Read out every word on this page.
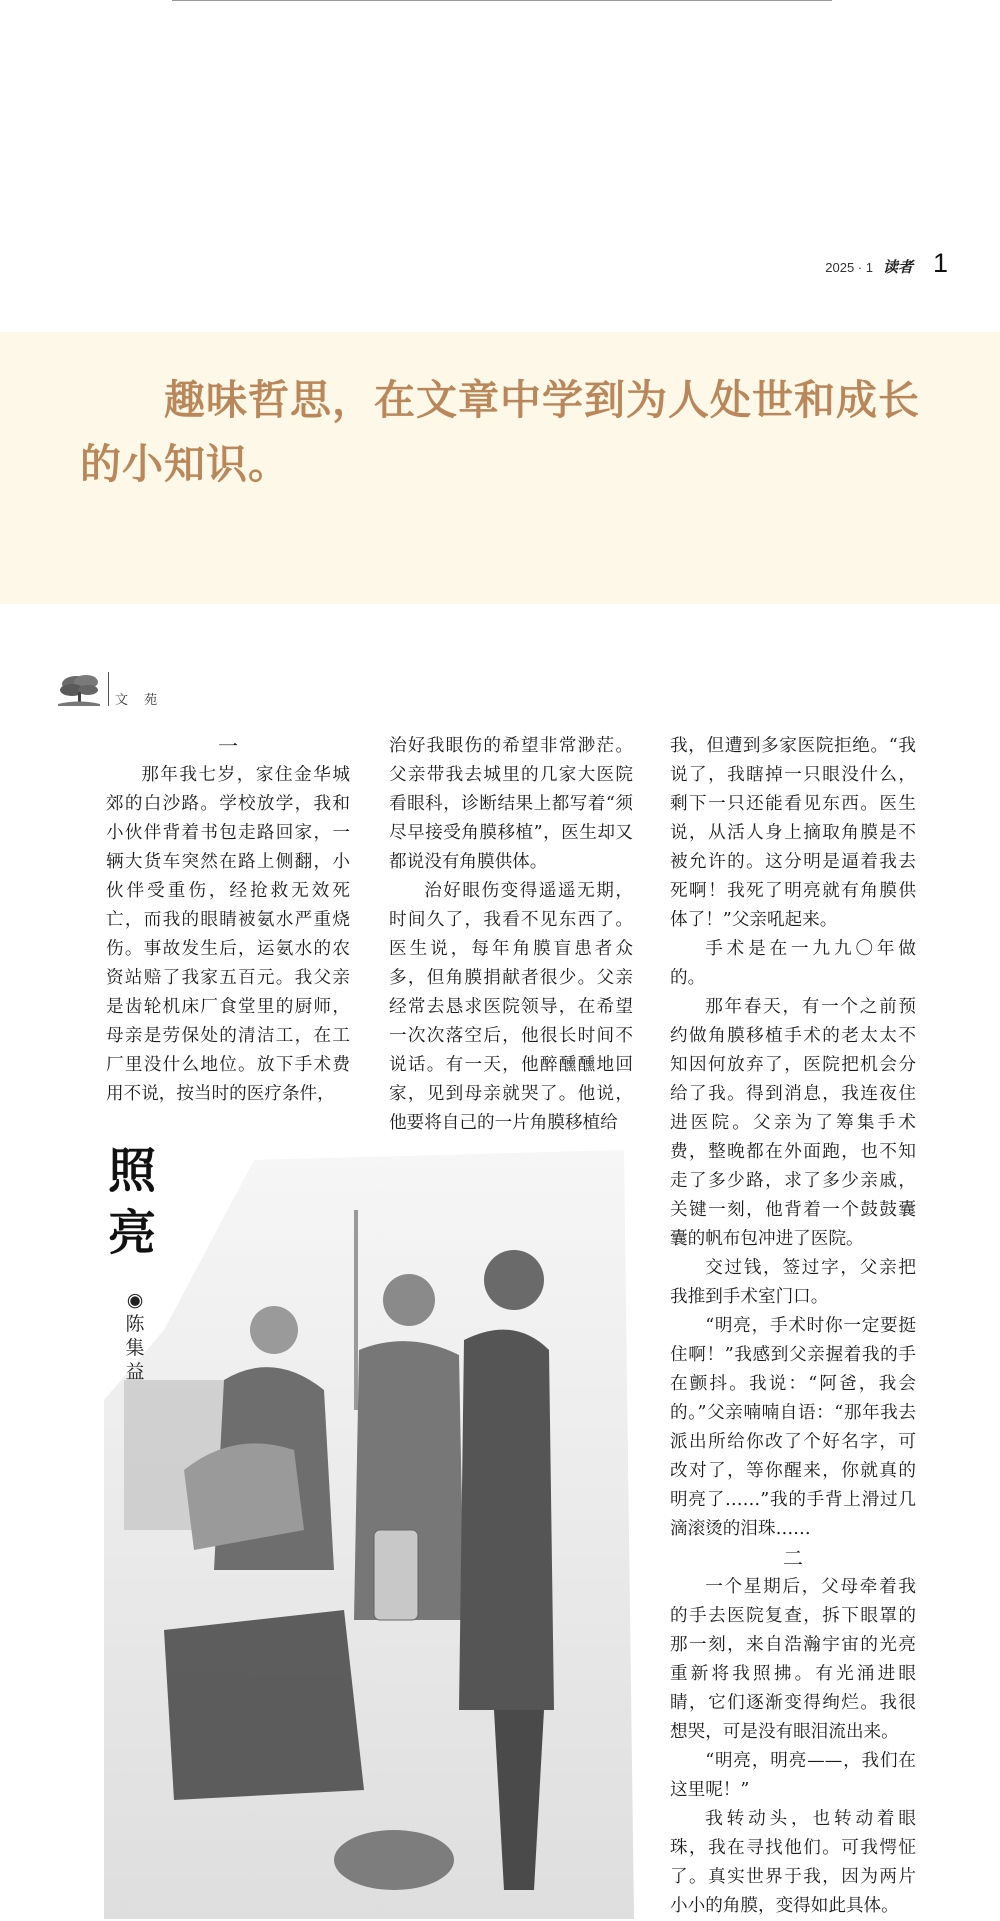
2025 · 1 读者 1

趣味哲思，在文章中学到为人处世和成长的小知识。

文 苑

一

那年我七岁，家住金华城郊的白沙路。学校放学，我和小伙伴背着书包走路回家，一辆大货车突然在路上侧翻，小伙伴受重伤，经抢救无效死亡，而我的眼睛被氨水严重烧伤。事故发生后，运氨水的农资站赔了我家五百元。我父亲是齿轮机床厂食堂里的厨师，母亲是劳保处的清洁工，在工厂里没什么地位。放下手术费用不说，按当时的医疗条件，

治好我眼伤的希望非常渺茫。父亲带我去城里的几家大医院看眼科，诊断结果上都写着“须尽早接受角膜移植”，医生却又都说没有角膜供体。

治好眼伤变得遥遥无期，时间久了，我看不见东西了。医生说，每年角膜盲患者众多，但角膜捐献者很少。父亲经常去恳求医院领导，在希望一次次落空后，他很长时间不说话。有一天，他醉醺醺地回家，见到母亲就哭了。他说，他要将自己的一片角膜移植给

我，但遭到多家医院拒绝。“我说了，我瞎掉一只眼没什么，剩下一只还能看见东西。医生说，从活人身上摘取角膜是不被允许的。这分明是逼着我去死啊！我死了明亮就有角膜供体了！”父亲吼起来。

手术是在一九九〇年做的。

那年春天，有一个之前预约做角膜移植手术的老太太不知因何放弃了，医院把机会分给了我。得到消息，我连夜住进医院。父亲为了筹集手术费，整晚都在外面跑，也不知走了多少路，求了多少亲戚，关键一刻，他背着一个鼓鼓囊囊的帆布包冲进了医院。

交过钱，签过字，父亲把我推到手术室门口。

“明亮，手术时你一定要挺住啊！”我感到父亲握着我的手在颤抖。我说：“阿爸，我会的。”父亲喃喃自语：“那年我去派出所给你改了个好名字，可改对了，等你醒来，你就真的明亮了……”我的手背上滑过几滴滚烫的泪珠……

二

一个星期后，父母牵着我的手去医院复查，拆下眼罩的那一刻，来自浩瀚宇宙的光亮重新将我照拂。有光涌进眼睛，它们逐渐变得绚烂。我很想哭，可是没有眼泪流出来。

“明亮，明亮——，我们在这里呢！”

我转动头，也转动着眼珠，我在寻找他们。可我愕怔了。真实世界于我，因为两片小小的角膜，变得如此具体。

照
亮
◉
陈
集
益
